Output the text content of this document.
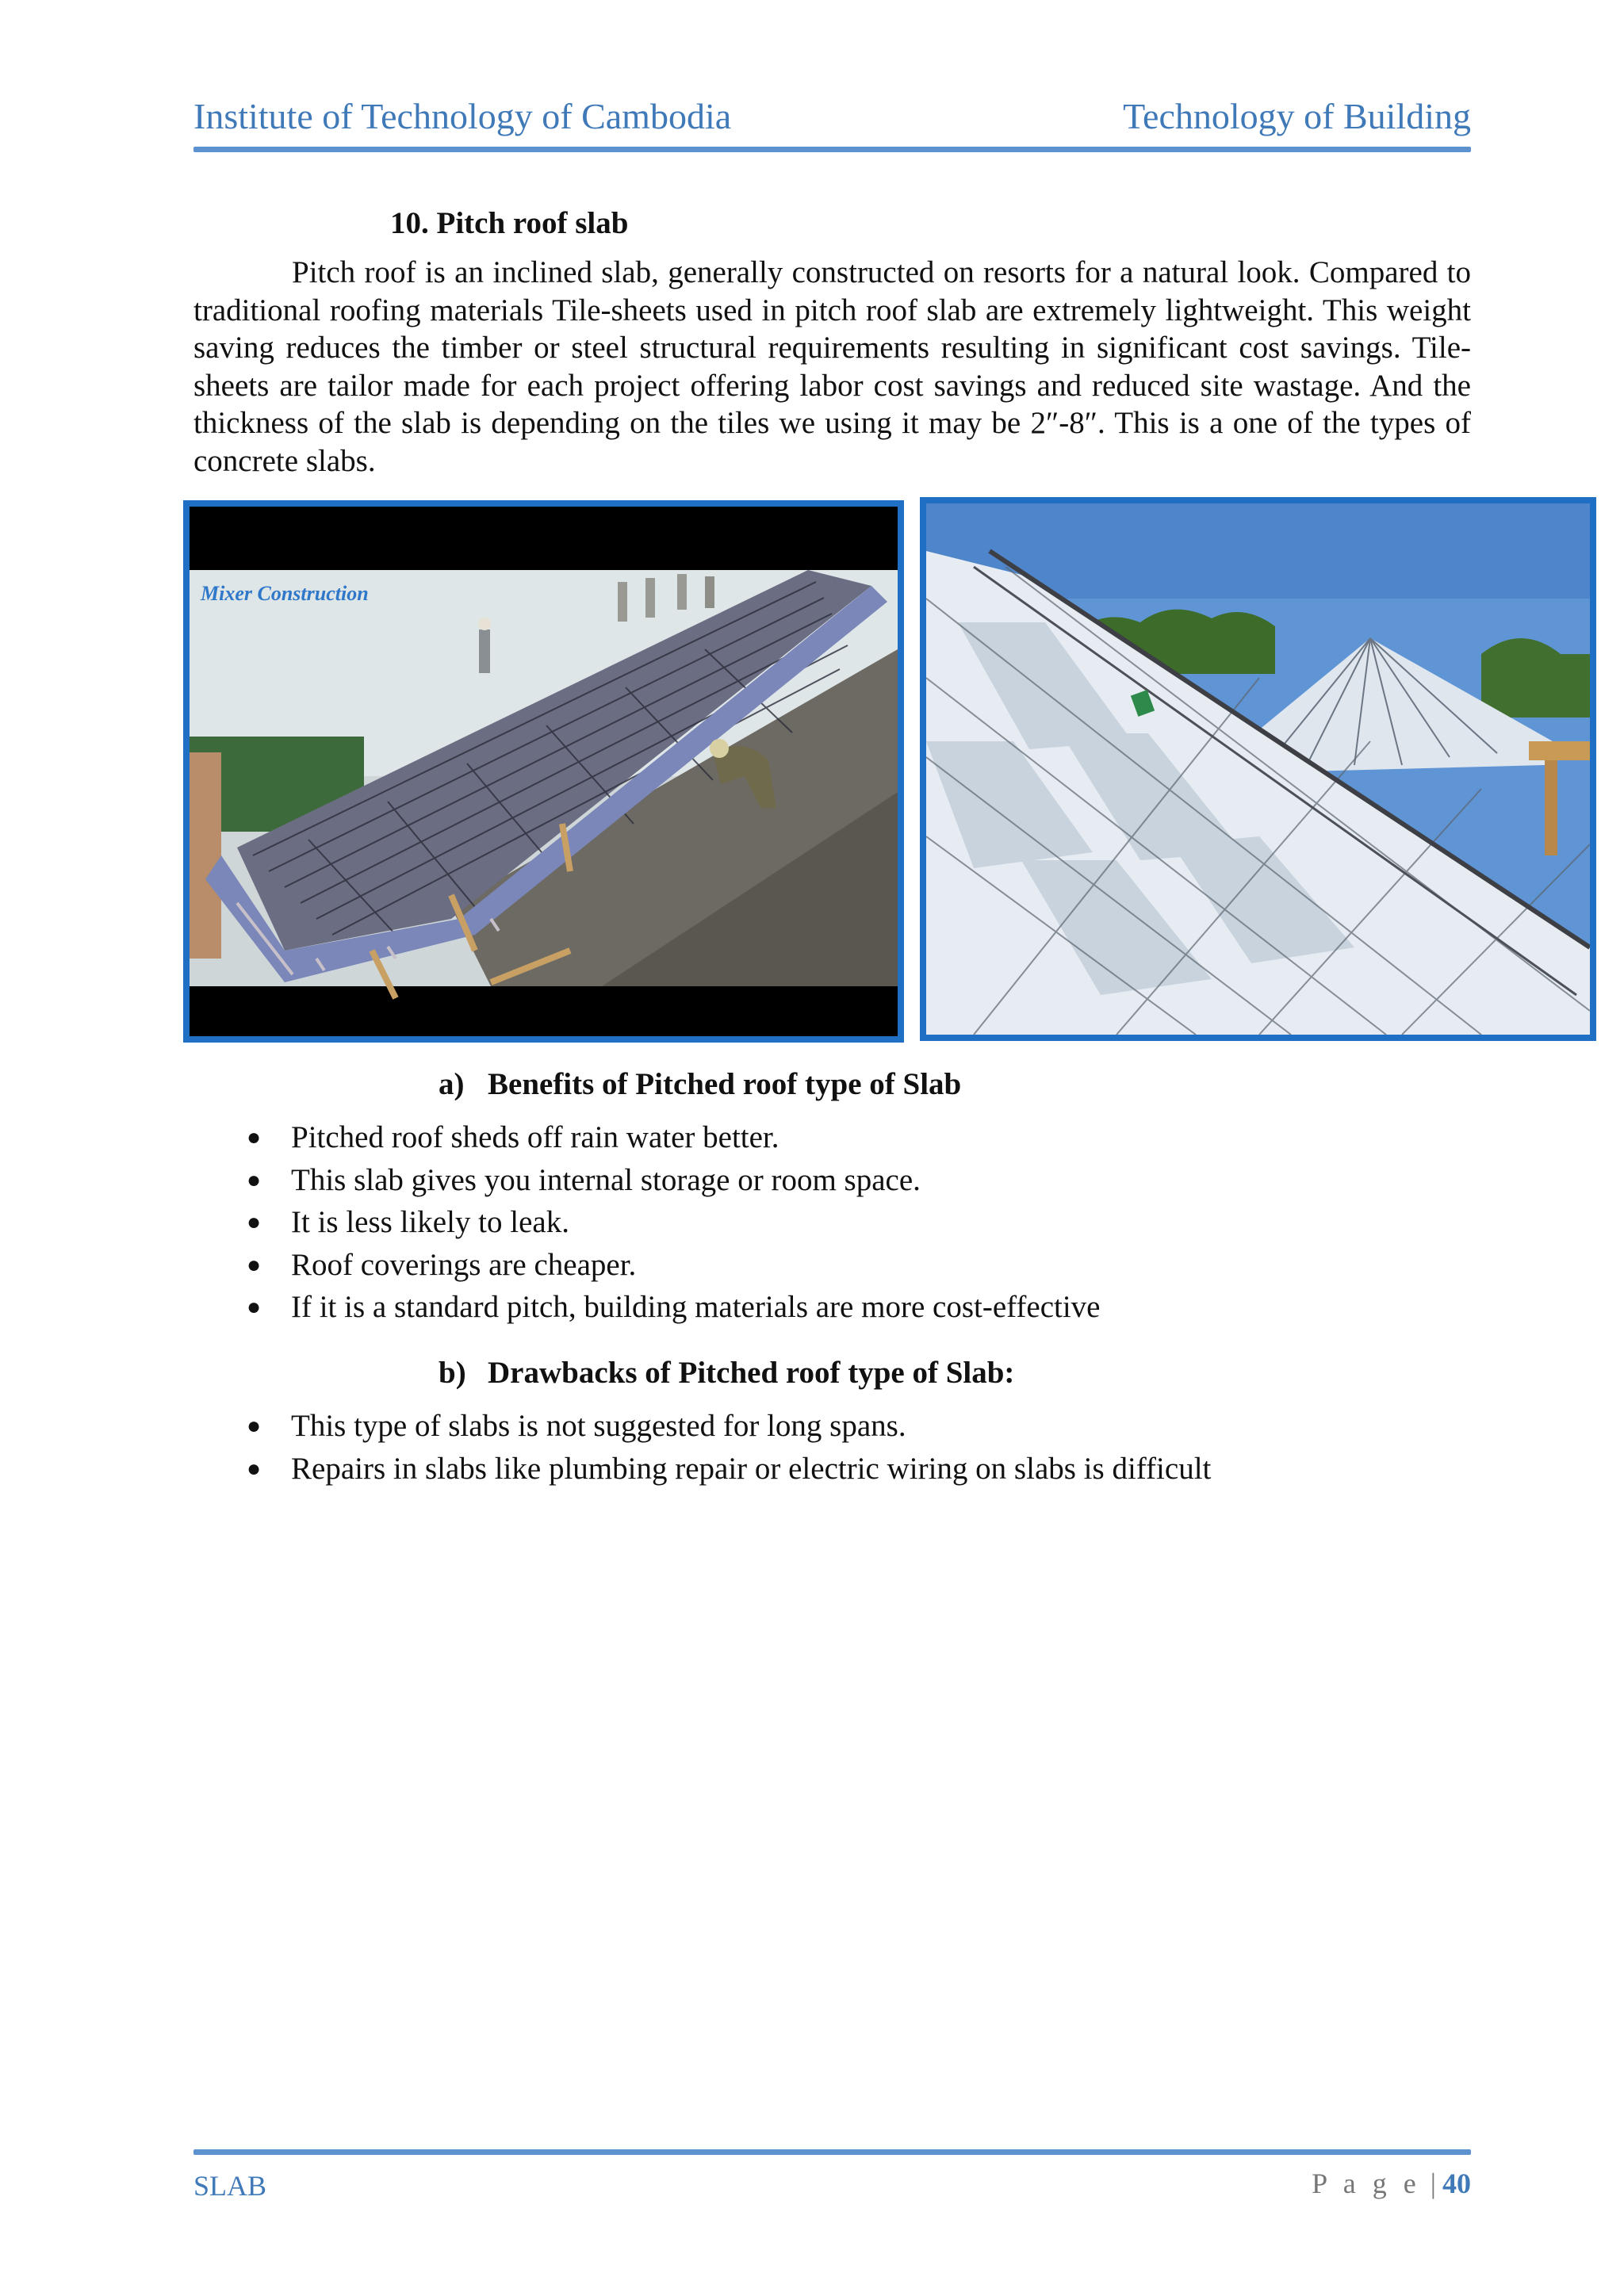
Institute of Technology of Cambodia	Technology of Building
10. Pitch roof slab

Pitch roof is an inclined slab, generally constructed on resorts for a natural look. Compared to traditional roofing materials Tile-sheets used in pitch roof slab are extremely lightweight. This weight saving reduces the timber or steel structural requirements resulting in significant cost savings. Tile-sheets are tailor made for each project offering labor cost savings and reduced site wastage. And the thickness of the slab is depending on the tiles we using it may be 2″-8″. This is a one of the types of concrete slabs.

Mixer Construction
a) Benefits of Pitched roof type of Slab
● Pitched roof sheds off rain water better.
● This slab gives you internal storage or room space.
● It is less likely to leak.
● Roof coverings are cheaper.
● If it is a standard pitch, building materials are more cost-effective
b) Drawbacks of Pitched roof type of Slab:
● This type of slabs is not suggested for long spans.
● Repairs in slabs like plumbing repair or electric wiring on slabs is difficult
SLAB	P a g e | 40
